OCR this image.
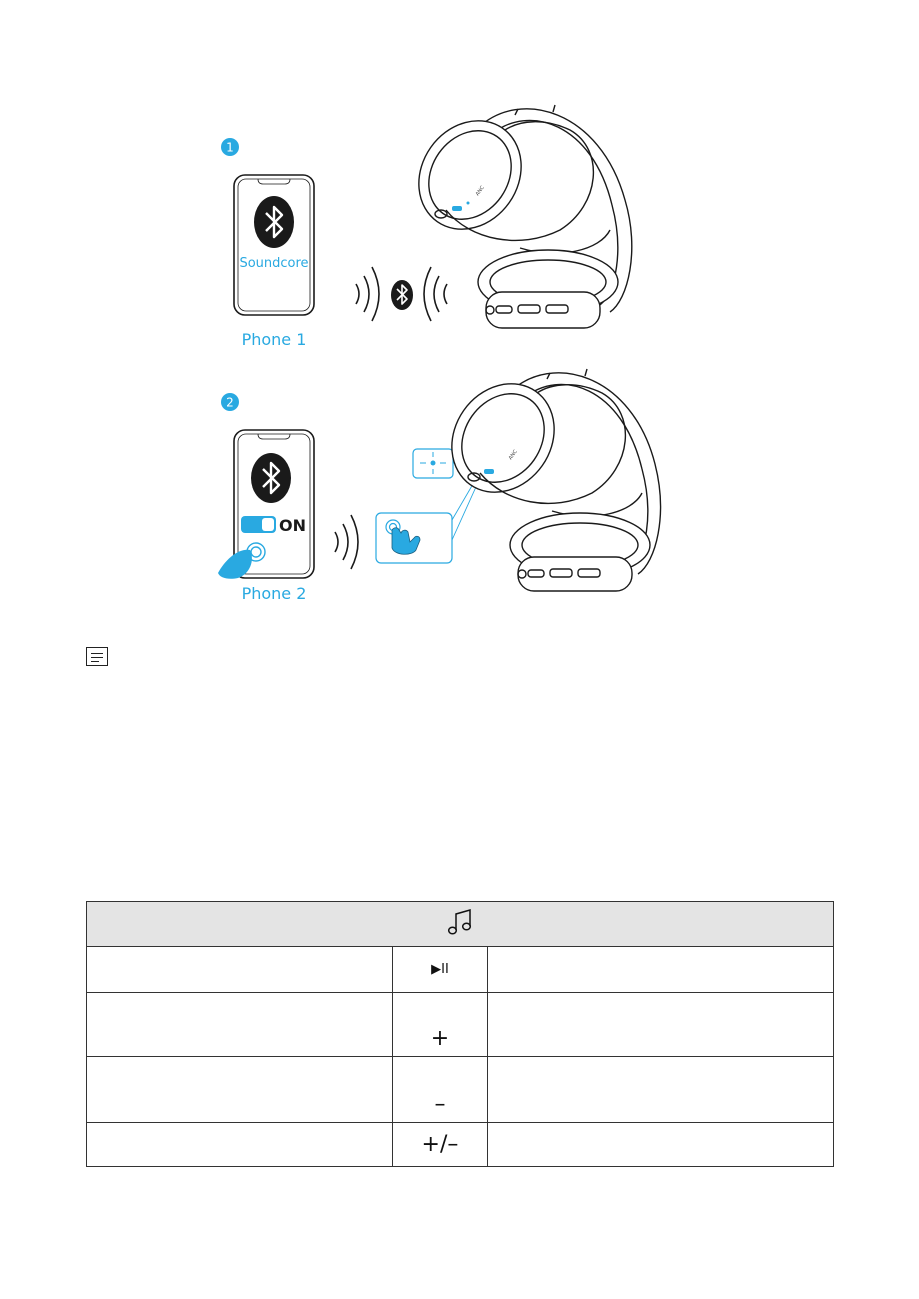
1
Soundcore
Phone 1
ANC
2
ON
Phone 2
ANC

	▶II	
	+	
	–	
	+/–	
